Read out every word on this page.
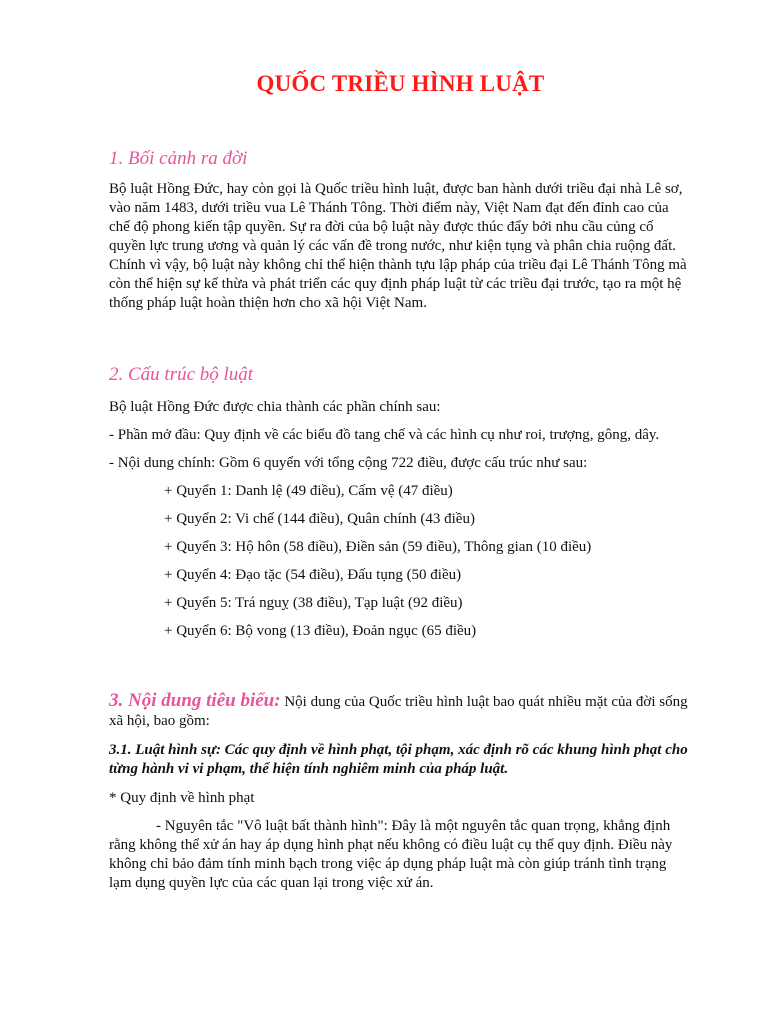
QUỐC TRIỀU HÌNH LUẬT
1. Bối cảnh ra đời

Bộ luật Hồng Đức, hay còn gọi là Quốc triều hình luật, được ban hành dưới triều đại nhà Lê sơ, vào năm 1483, dưới triều vua Lê Thánh Tông. Thời điểm này, Việt Nam đạt đến đỉnh cao của chế độ phong kiến tập quyền. Sự ra đời của bộ luật này được thúc đẩy bởi nhu cầu củng cố quyền lực trung ương và quản lý các vấn đề trong nước, như kiện tụng và phân chia ruộng đất. Chính vì vậy, bộ luật này không chỉ thể hiện thành tựu lập pháp của triều đại Lê Thánh Tông mà còn thể hiện sự kế thừa và phát triển các quy định pháp luật từ các triều đại trước, tạo ra một hệ thống pháp luật hoàn thiện hơn cho xã hội Việt Nam.

2. Cấu trúc bộ luật

Bộ luật Hồng Đức được chia thành các phần chính sau:

- Phần mở đầu: Quy định về các biểu đồ tang chế và các hình cụ như roi, trượng, gông, dây.

- Nội dung chính: Gồm 6 quyển với tổng cộng 722 điều, được cấu trúc như sau:

+ Quyển 1: Danh lệ (49 điều), Cấm vệ (47 điều)

+ Quyển 2: Vi chế (144 điều), Quân chính (43 điều)

+ Quyển 3: Hộ hôn (58 điều), Điền sản (59 điều), Thông gian (10 điều)

+ Quyển 4: Đạo tặc (54 điều), Đấu tụng (50 điều)

+ Quyển 5: Trá nguỵ (38 điều), Tạp luật (92 điều)

+ Quyển 6: Bộ vong (13 điều), Đoản ngục (65 điều)

3. Nội dung tiêu biểu: Nội dung của Quốc triều hình luật bao quát nhiều mặt của đời sống xã hội, bao gồm:

3.1. Luật hình sự: Các quy định về hình phạt, tội phạm, xác định rõ các khung hình phạt cho từng hành vi vi phạm, thể hiện tính nghiêm minh của pháp luật.

* Quy định về hình phạt

- Nguyên tắc "Vô luật bất thành hình": Đây là một nguyên tắc quan trọng, khẳng định rằng không thể xử án hay áp dụng hình phạt nếu không có điều luật cụ thể quy định. Điều này không chỉ bảo đảm tính minh bạch trong việc áp dụng pháp luật mà còn giúp tránh tình trạng lạm dụng quyền lực của các quan lại trong việc xử án.
